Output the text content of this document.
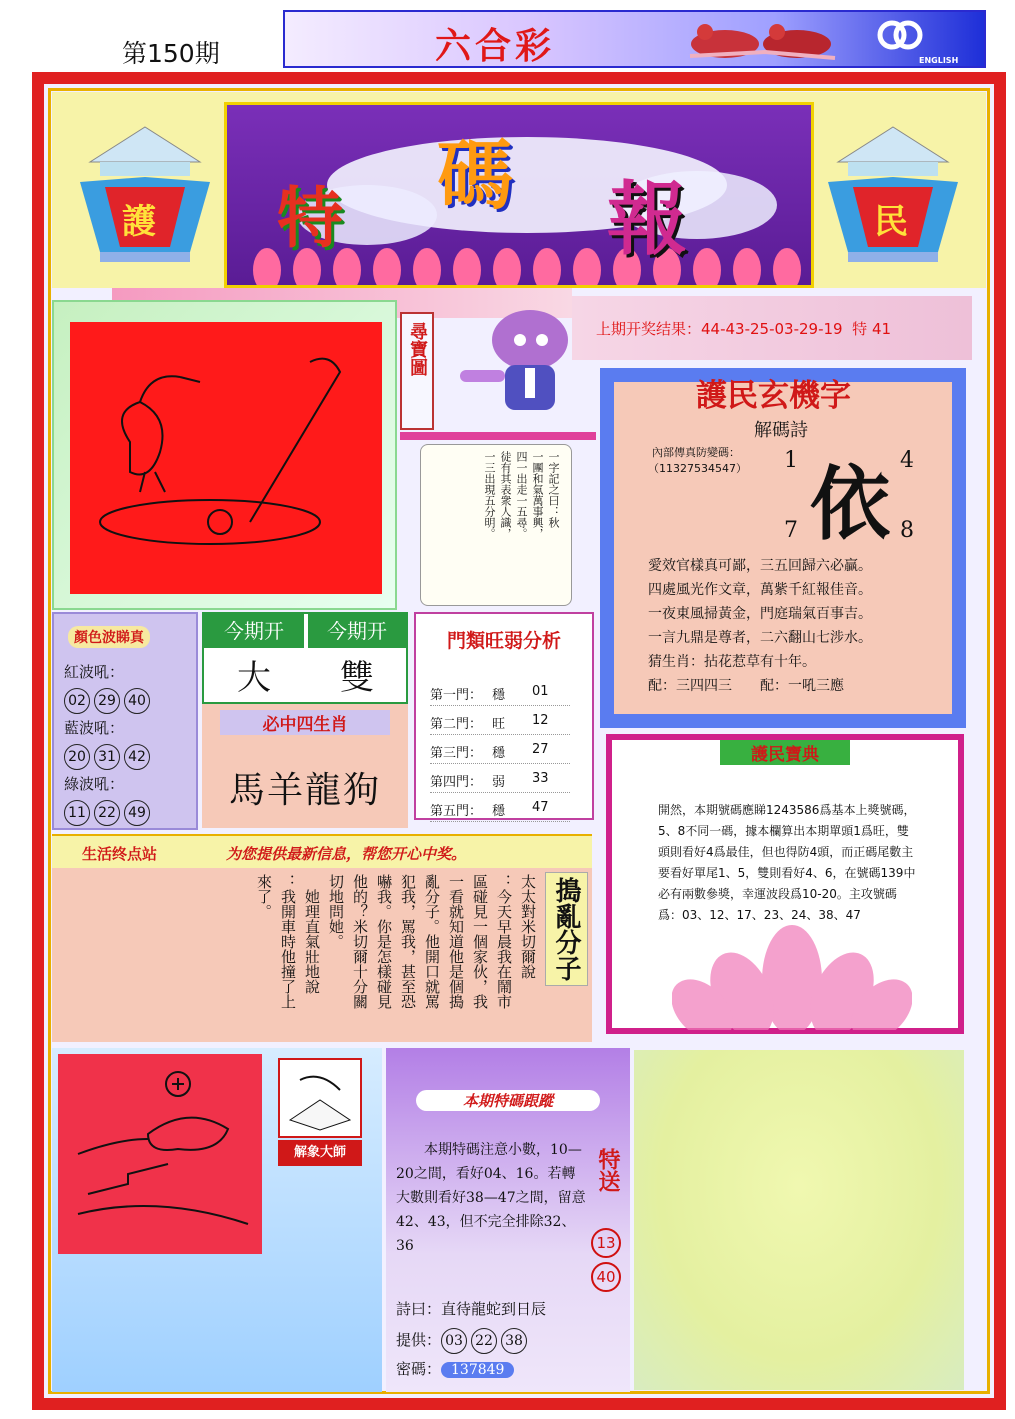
第150期	六合彩	ENGLISH
護 特 碼 報	民
上期开奖结果：44-43-25-03-29-19 特 41
尋寶圖
一字記之曰：秋
一團和氣萬事興，
四一出走一五尋。
徒有其表衆人識，
一三出現五分明。
護民玄機字
解碼詩
內部傳真防變碼：
（11327534547） 1	4
依
7	8
愛效官樣真可鄙，三五回歸六必贏。
四處風光作文章，萬紫千紅報佳音。
一夜東風掃黃金，門庭瑞氣百事吉。
一言九鼎是尊者，二六翻山七涉水。
猜生肖：拈花惹草有十年。
配：三四四三　　配：一吼三應
顏色波睇真
紅波吼：
02 29 40
藍波吼：
20 31 42
綠波吼：
11 22 49
今期开	今期开
大	雙
必中四生肖
馬羊龍狗
門類旺弱分析
第一門： 穩	01
第二門： 旺	12
第三門： 穩	27
第四門： 弱	33
第五門： 穩	47
護民寶典
開然，本期號碼應睇1243586爲基本上獎號碼，5、8不同一碼，據本欄算出本期單頭1爲旺，雙頭則看好4爲最佳，但也得防4頭，而正碼尾數主要看好單尾1、5，雙則看好4、6，在號碼139中必有兩數參獎，幸運波段爲10-20。主攻號碼爲：03、12、17、23、24、38、47
生活终点站	为您提供最新信息，帮您开心中奖。
搗亂分子
太太對米切爾說
：今天早晨我在鬧市
區碰見一個家伙，我
一看就知道他是個搗
亂分子。他開口就罵
犯我，罵我，甚至恐
嚇我。你是怎樣碰見
他的？米切爾十分關
切地問她。
　她理直氣壯地說
：我開車時他撞了上
來了。
解象大師
本期特碼跟蹤
本期特碼注意小數，10—20之間，看好04、16。若轉大數則看好38—47之間，留意42、43，但不完全排除32、36
特送
13
40
詩曰：直待龍蛇到日辰
提供： 03 22 38
密碼： 137849
